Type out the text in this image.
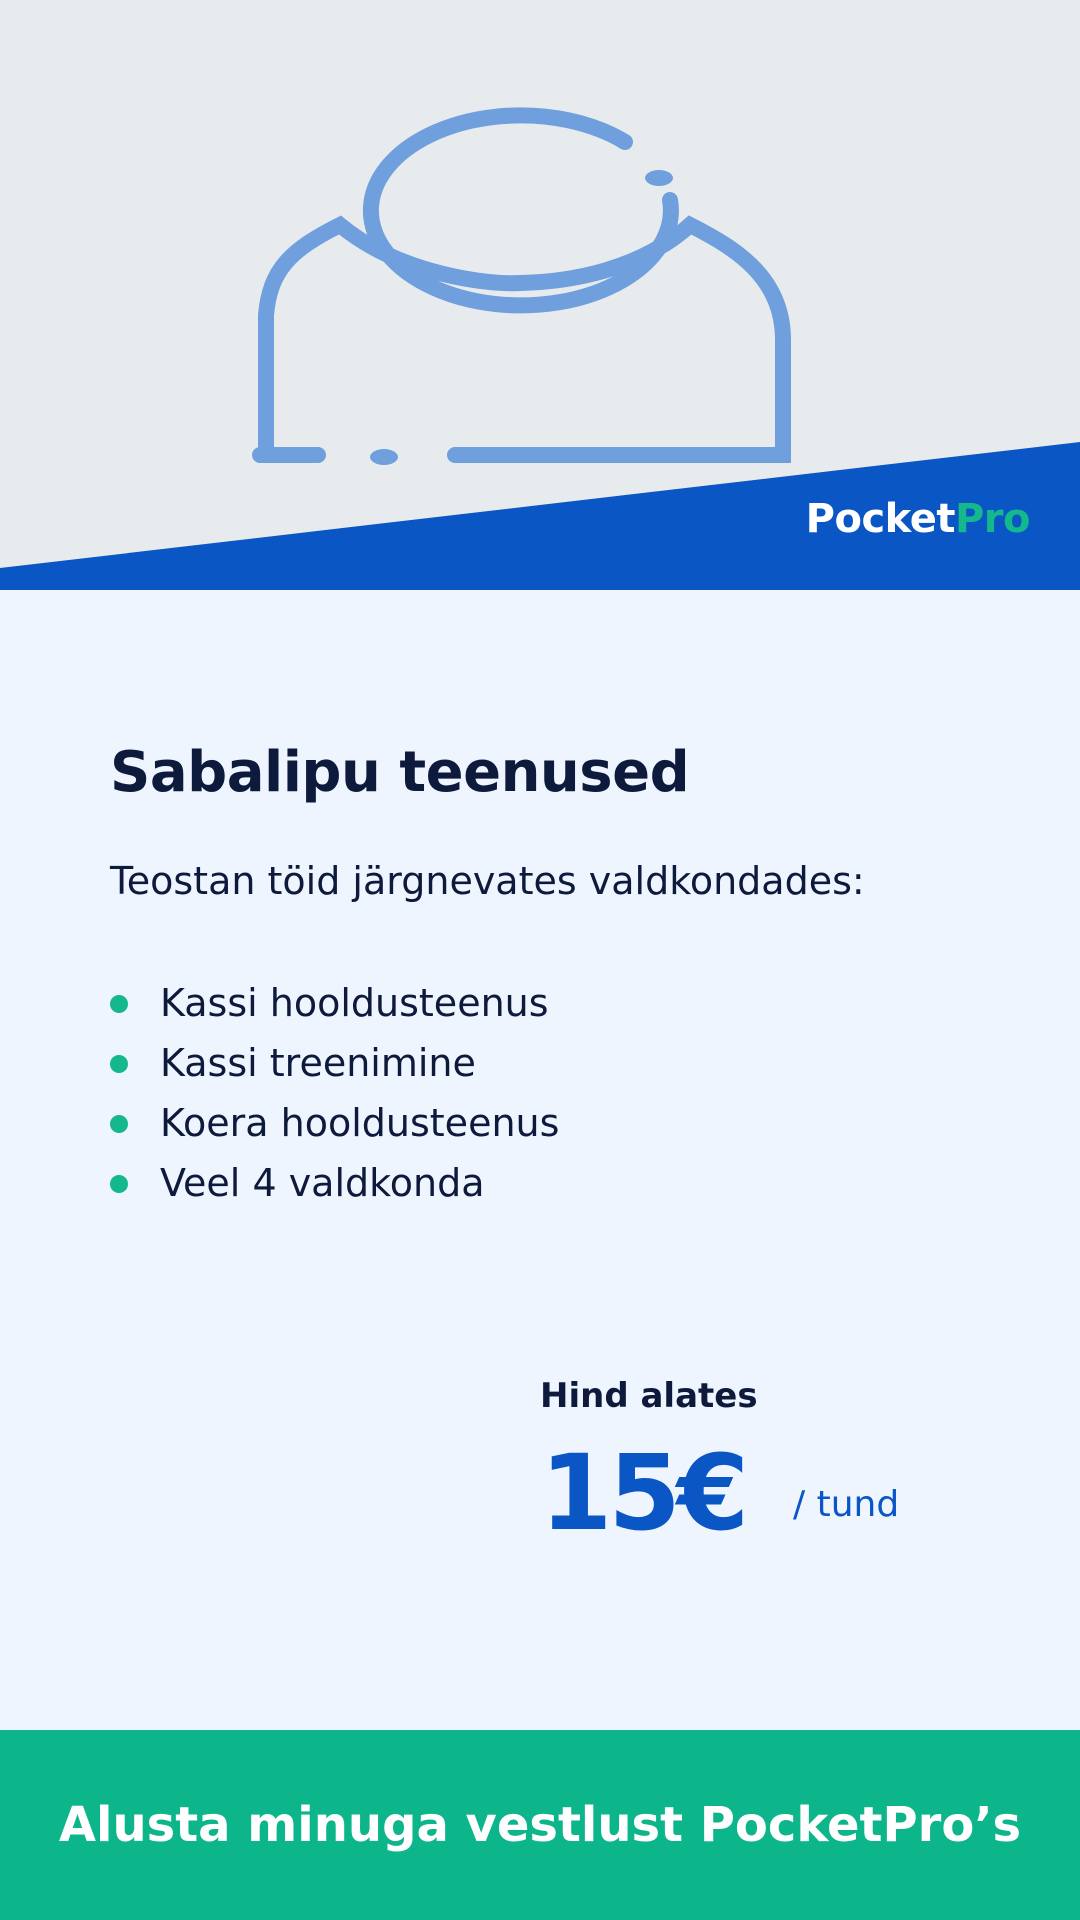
PocketPro
Sabalipu teenused

Teostan töid järgnevates valdkondades:

Kassi hooldusteenus
Kassi treenimine
Koera hooldusteenus
Veel 4 valdkonda
Hind alates
15€ / tund
Alusta minuga vestlust PocketPro’s
